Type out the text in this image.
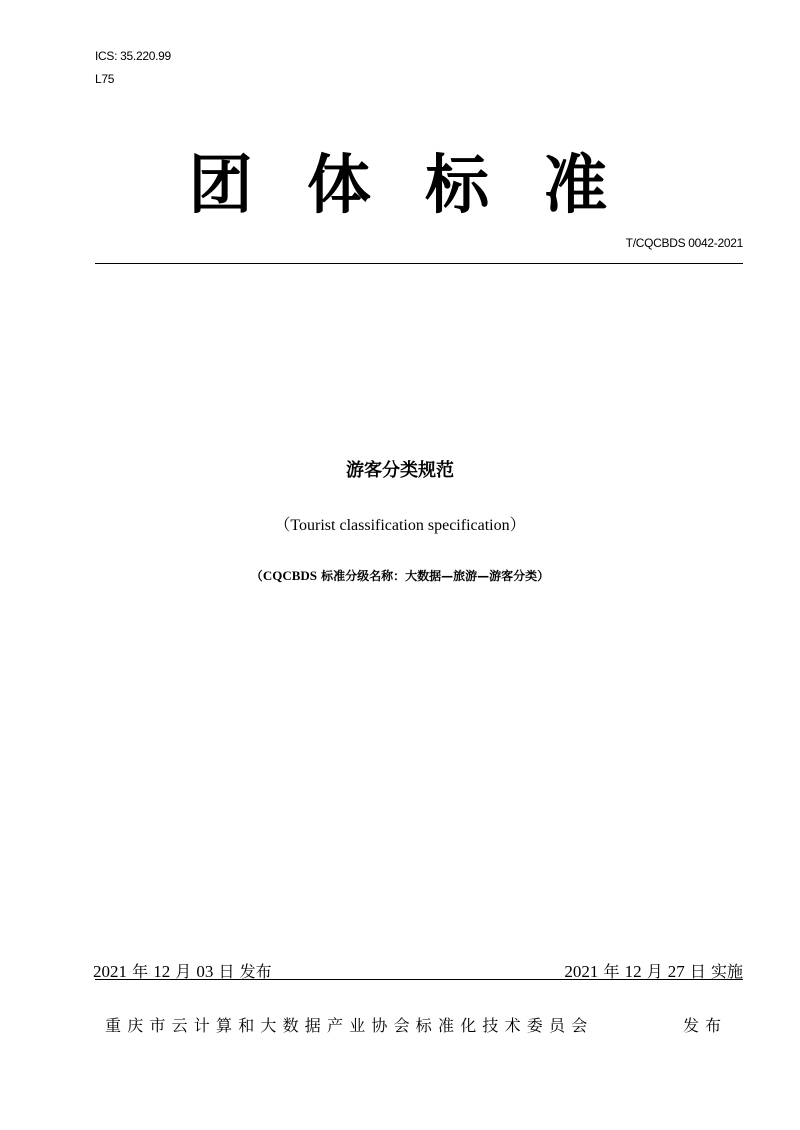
ICS: 35.220.99
L75
团 体 标 准
T/CQCBDS 0042-2021
游客分类规范
（Tourist classification specification）
（CQCBDS 标准分级名称：大数据—旅游—游客分类）
2021 年 12 月 03 日 发布	2021 年 12 月 27 日 实施
重庆市云计算和大数据产业协会标准化技术委员会	发布
